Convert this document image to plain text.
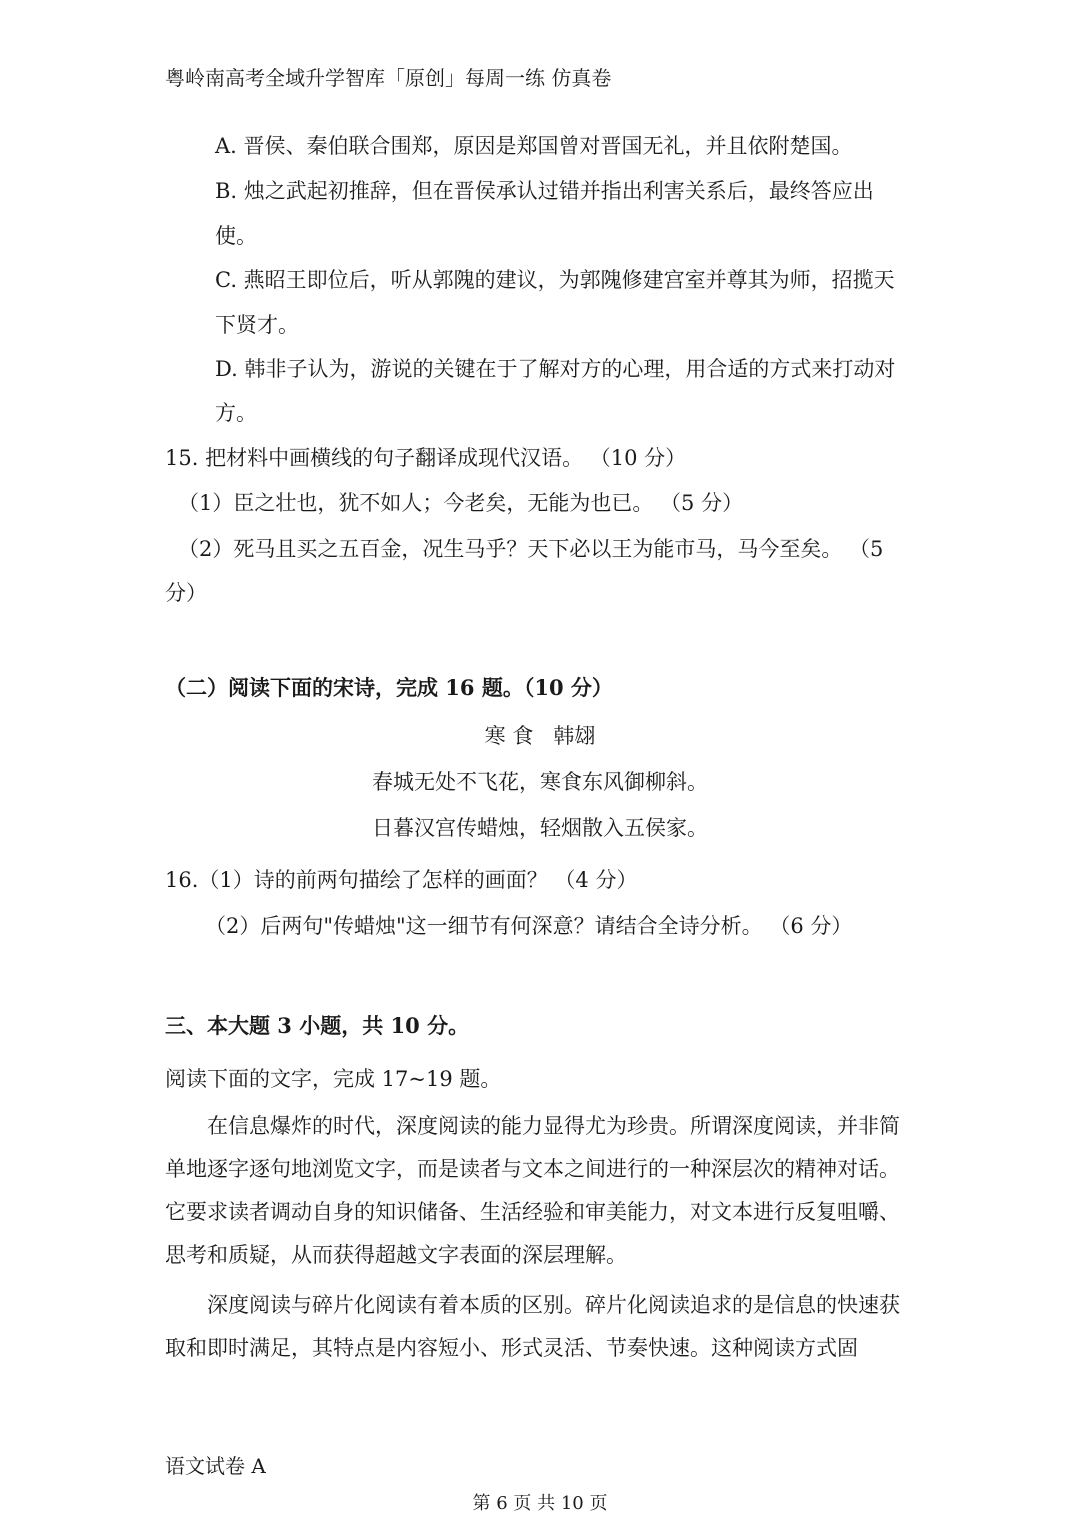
粤岭南高考全域升学智库「原创」每周一练 仿真卷

A. 晋侯、秦伯联合围郑，原因是郑国曾对晋国无礼，并且依附楚国。

B. 烛之武起初推辞，但在晋侯承认过错并指出利害关系后，最终答应出

使。

C. 燕昭王即位后，听从郭隗的建议，为郭隗修建宫室并尊其为师，招揽天

下贤才。

D. 韩非子认为，游说的关键在于了解对方的心理，用合适的方式来打动对

方。

15. 把材料中画横线的句子翻译成现代汉语。 （10 分）

（1）臣之壮也，犹不如人；今老矣，无能为也已。 （5 分）

（2）死马且买之五百金，况生马乎？天下必以王为能市马，马今至矣。 （5

分）

（二）阅读下面的宋诗，完成 16 题。（10 分）

寒 食   韩翃

春城无处不飞花，寒食东风御柳斜。

日暮汉宫传蜡烛，轻烟散入五侯家。

16.（1）诗的前两句描绘了怎样的画面？ （4 分）

（2）后两句"传蜡烛"这一细节有何深意？请结合全诗分析。 （6 分）

三、本大题 3 小题，共 10 分。

阅读下面的文字，完成 17~19 题。

在信息爆炸的时代，深度阅读的能力显得尤为珍贵。所谓深度阅读，并非简单地逐字逐句地浏览文字，而是读者与文本之间进行的一种深层次的精神对话。它要求读者调动自身的知识储备、生活经验和审美能力，对文本进行反复咀嚼、思考和质疑，从而获得超越文字表面的深层理解。

深度阅读与碎片化阅读有着本质的区别。碎片化阅读追求的是信息的快速获取和即时满足，其特点是内容短小、形式灵活、节奏快速。这种阅读方式固

语文试卷 A

第 6 页 共 10 页
